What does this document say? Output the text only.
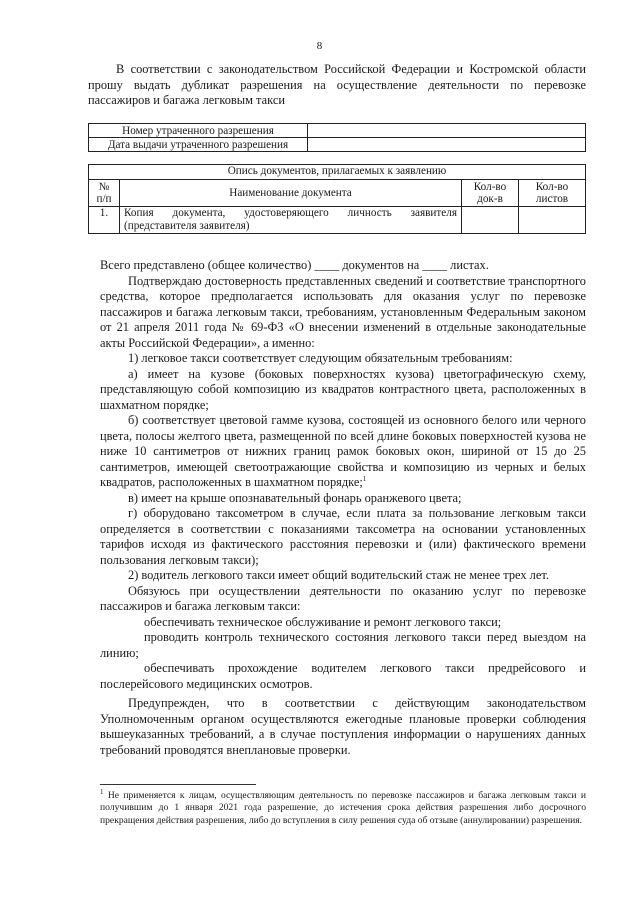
8

В соответствии с законодательством Российской Федерации и Костромской области прошу выдать дубликат разрешения на осуществление деятельности по перевозке пассажиров и багажа легковым такси

Номер утраченного разрешения	
Дата выдачи утраченного разрешения	
Опись документов, прилагаемых к заявлению			
№ п/п	Наименование документа	Кол-во док-в	Кол-во листов
1.	Копия документа, удостоверяющего личность заявителя
(представителя заявителя)		

Всего представлено (общее количество) ____ документов на ____ листах.

Подтверждаю достоверность представленных сведений и соответствие транспортного средства, которое предполагается использовать для оказания услуг по перевозке пассажиров и багажа легковым такси, требованиям, установленным Федеральным законом от 21 апреля 2011 года № 69-ФЗ «О внесении изменений в отдельные законодательные акты Российской Федерации», а именно:

1) легковое такси соответствует следующим обязательным требованиям:

а) имеет на кузове (боковых поверхностях кузова) цветографическую схему, представляющую собой композицию из квадратов контрастного цвета, расположенных в шахматном порядке;

б) соответствует цветовой гамме кузова, состоящей из основного белого или черного цвета, полосы желтого цвета, размещенной по всей длине боковых поверхностей кузова не ниже 10 сантиметров от нижних границ рамок боковых окон, шириной от 15 до 25 сантиметров, имеющей светоотражающие свойства и композицию из черных и белых квадратов, расположенных в шахматном порядке;$^1$

в) имеет на крыше опознавательный фонарь оранжевого цвета;

г) оборудовано таксометром в случае, если плата за пользование легковым такси определяется в соответствии с показаниями таксометра на основании установленных тарифов исходя из фактического расстояния перевозки и (или) фактического времени пользования легковым такси);

2) водитель легкового такси имеет общий водительский стаж не менее трех лет.

Обязуюсь при осуществлении деятельности по оказанию услуг по перевозке пассажиров и багажа легковым такси:

обеспечивать техническое обслуживание и ремонт легкового такси;

проводить контроль технического состояния легкового такси перед выездом на линию;

обеспечивать прохождение водителем легкового такси предрейсового и послерейсового медицинских осмотров.

Предупрежден, что в соответствии с действующим законодательством Уполномоченным органом осуществляются ежегодные плановые проверки соблюдения вышеуказанных требований, а в случае поступления информации о нарушениях данных требований проводятся внеплановые проверки.

$^1$ Не применяется к лицам, осуществляющим деятельность по перевозке пассажиров и багажа легковым такси и получившим до 1 января 2021 года разрешение, до истечения срока действия разрешения либо досрочного прекращения действия разрешения, либо до вступления в силу решения суда об отзыве (аннулировании) разрешения.
